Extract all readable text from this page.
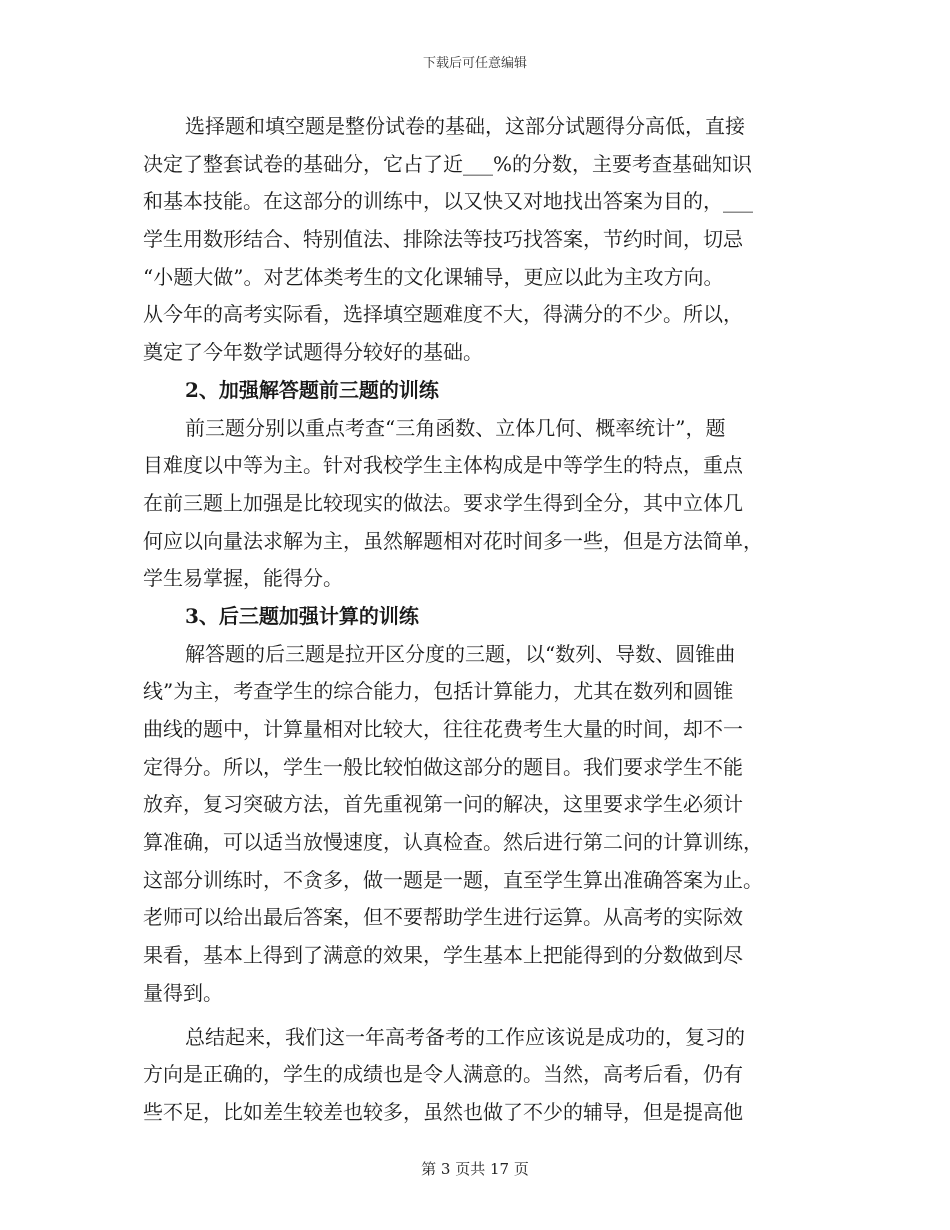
下载后可任意编辑
选择题和填空题是整份试卷的基础，这部分试题得分高低，直接
决定了整套试卷的基础分，它占了近___%的分数，主要考查基础知识
和基本技能。在这部分的训练中，以又快又对地找出答案为目的，___
学生用数形结合、特别值法、排除法等技巧找答案，节约时间，切忌
“小题大做”。对艺体类考生的文化课辅导，更应以此为主攻方向。
从今年的高考实际看，选择填空题难度不大，得满分的不少。所以，
奠定了今年数学试题得分较好的基础。
2、加强解答题前三题的训练
前三题分别以重点考查“三角函数、立体几何、概率统计”，题
目难度以中等为主。针对我校学生主体构成是中等学生的特点，重点
在前三题上加强是比较现实的做法。要求学生得到全分，其中立体几
何应以向量法求解为主，虽然解题相对花时间多一些，但是方法简单，
学生易掌握，能得分。
3、后三题加强计算的训练
解答题的后三题是拉开区分度的三题，以“数列、导数、圆锥曲
线”为主，考查学生的综合能力，包括计算能力，尤其在数列和圆锥
曲线的题中，计算量相对比较大，往往花费考生大量的时间，却不一
定得分。所以，学生一般比较怕做这部分的题目。我们要求学生不能
放弃，复习突破方法，首先重视第一问的解决，这里要求学生必须计
算准确，可以适当放慢速度，认真检查。然后进行第二问的计算训练，
这部分训练时，不贪多，做一题是一题，直至学生算出准确答案为止。
老师可以给出最后答案，但不要帮助学生进行运算。从高考的实际效
果看，基本上得到了满意的效果，学生基本上把能得到的分数做到尽
量得到。
总结起来，我们这一年高考备考的工作应该说是成功的，复习的
方向是正确的，学生的成绩也是令人满意的。当然，高考后看，仍有
些不足，比如差生较差也较多，虽然也做了不少的辅导，但是提高他
第 3 页共 17 页
